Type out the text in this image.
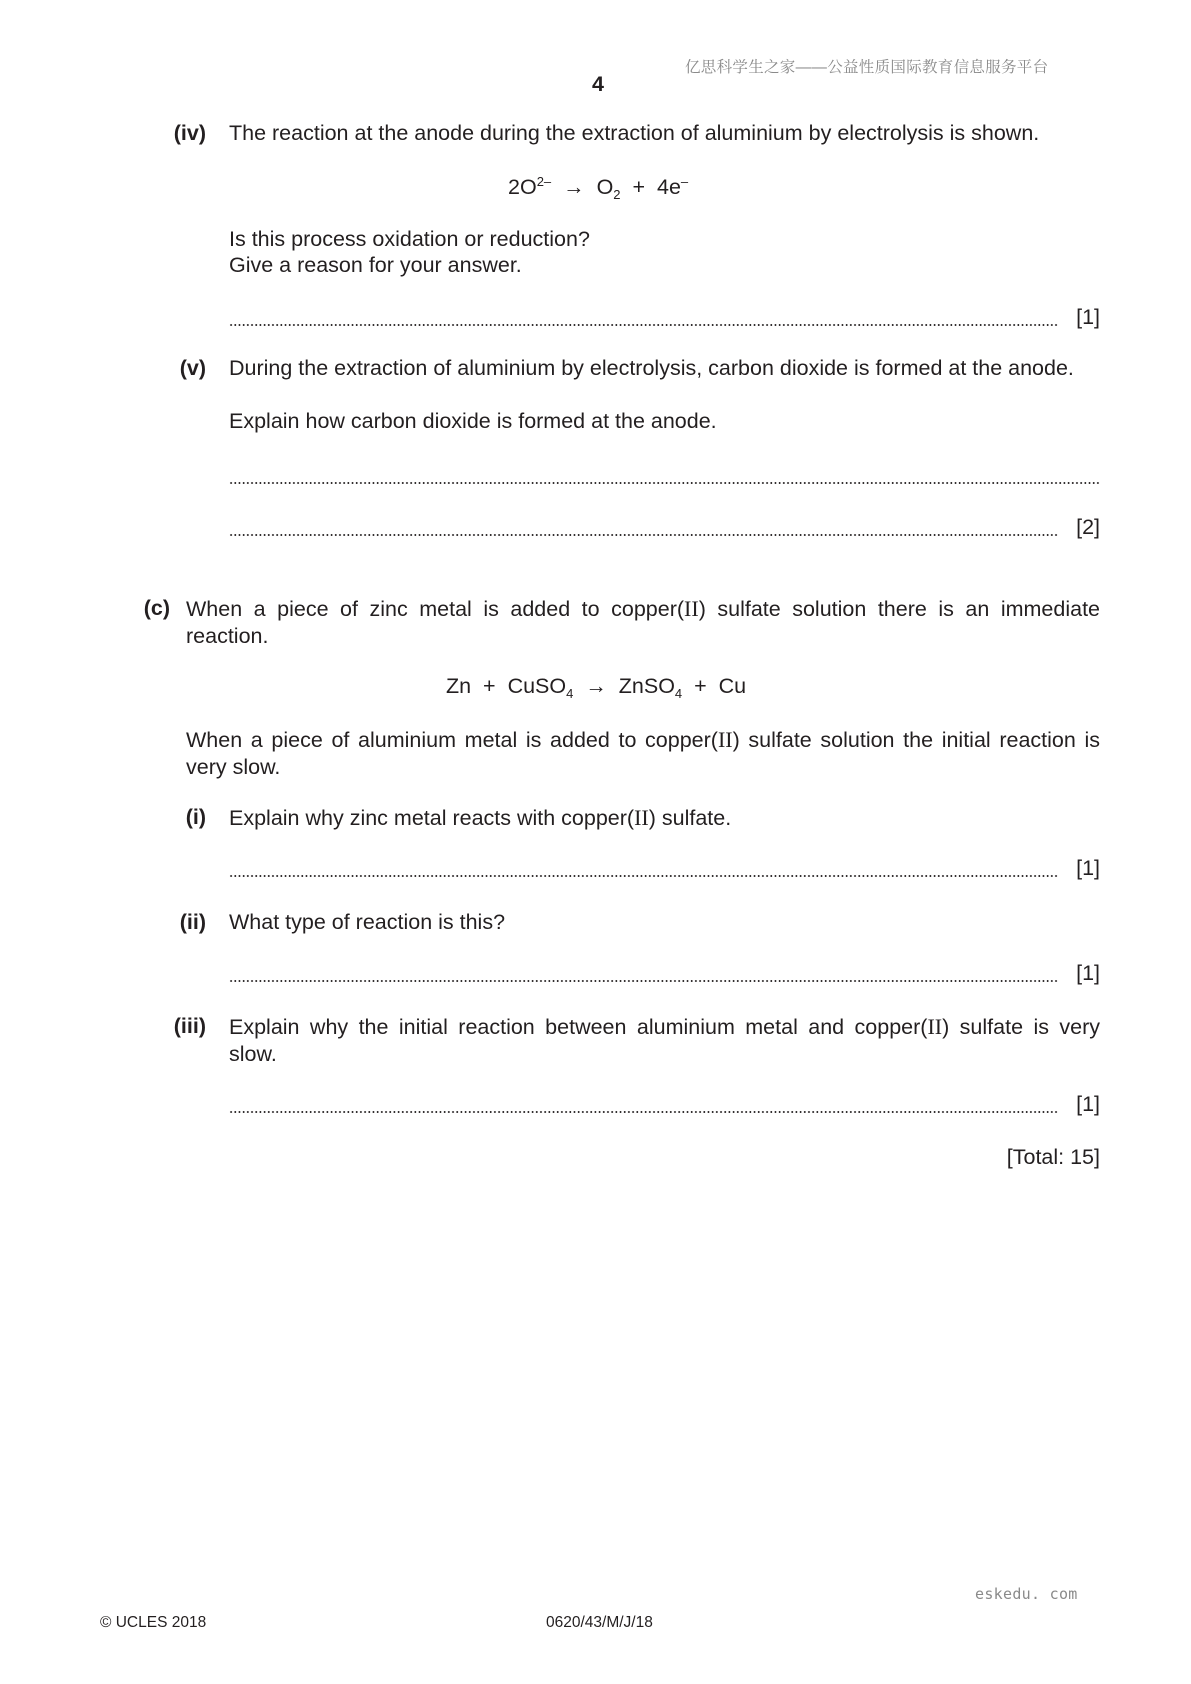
亿思科学生之家——公益性质国际教育信息服务平台
4
(iv) The reaction at the anode during the extraction of aluminium by electrolysis is shown.
$2O^{2-} \to O_2 + 4e^-$
Is this process oxidation or reduction?
Give a reason for your answer.
[1]
(v) During the extraction of aluminium by electrolysis, carbon dioxide is formed at the anode.
Explain how carbon dioxide is formed at the anode.
[2]
(c) When a piece of zinc metal is added to copper(II) sulfate solution there is an immediate reaction.
Zn + CuSO$_4$ → ZnSO$_4$ + Cu
When a piece of aluminium metal is added to copper(II) sulfate solution the initial reaction is very slow.
(i) Explain why zinc metal reacts with copper(II) sulfate.
[1]
(ii) What type of reaction is this?
[1]
(iii) Explain why the initial reaction between aluminium metal and copper(II) sulfate is very slow.
[1]
[Total: 15]
eskedu. com
© UCLES 2018	0620/43/M/J/18
